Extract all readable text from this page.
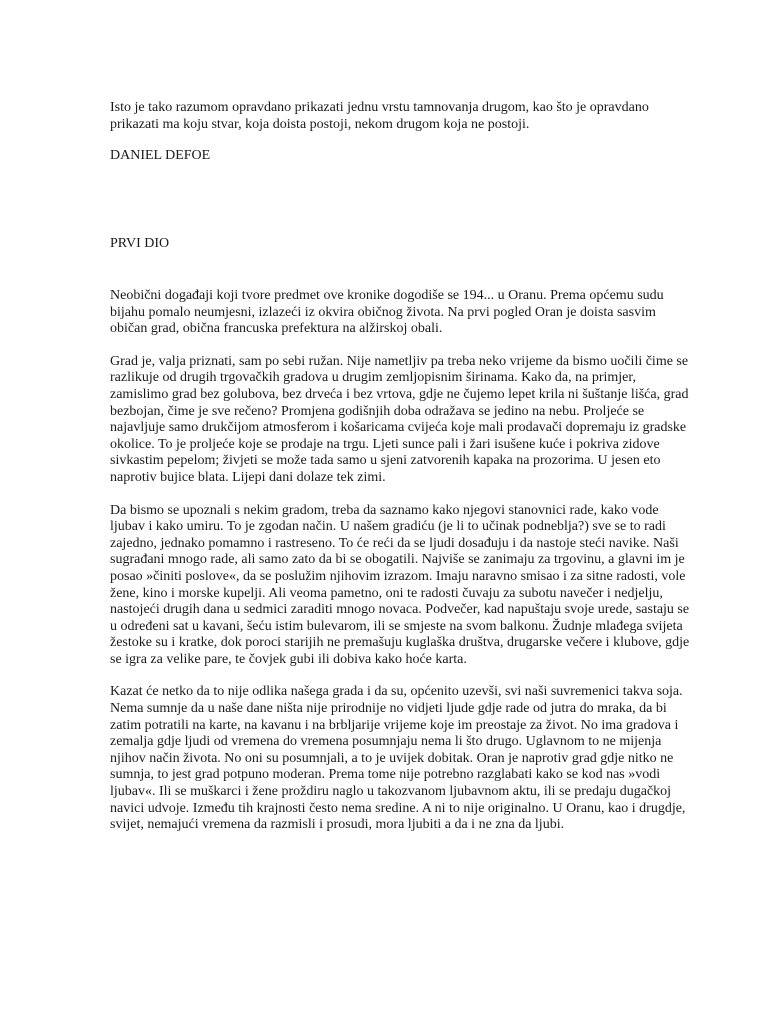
Isto je tako razumom opravdano prikazati jednu vrstu tamnovanja drugom, kao što je opravdano prikazati ma koju stvar, koja doista postoji, nekom drugom koja ne postoji.

DANIEL DEFOE

PRVI DIO

Neobični događaji koji tvore predmet ove kronike dogodiše se 194... u Oranu. Prema općemu sudu bijahu pomalo neumjesni, izlazeći iz okvira običnog života. Na prvi pogled Oran je doista sasvim običan grad, obična francuska prefektura na alžirskoj obali.

Grad je, valja priznati, sam po sebi ružan. Nije nametljiv pa treba neko vrijeme da bismo uočili čime se razlikuje od drugih trgovačkih gradova u drugim zemljopisnim širinama. Kako da, na primjer, zamislimo grad bez golubova, bez drveća i bez vrtova, gdje ne čujemo lepet krila ni šuštanje lišća, grad bezbojan, čime je sve rečeno? Promjena godišnjih doba odražava se jedino na nebu. Proljeće se najavljuje samo drukčijom atmosferom i košaricama cvijeća koje mali prodavači dopremaju iz gradske okolice. To je proljeće koje se prodaje na trgu. Ljeti sunce pali i žari isušene kuće i pokriva zidove sivkastim pepelom; živjeti se može tada samo u sjeni zatvorenih kapaka na prozorima. U jesen eto naprotiv bujice blata. Lijepi dani dolaze tek zimi.

Da bismo se upoznali s nekim gradom, treba da saznamo kako njegovi stanovnici rade, kako vode ljubav i kako umiru. To je zgodan način. U našem gradiću (je li to učinak podneblja?) sve se to radi zajedno, jednako pomamno i rastreseno. To će reći da se ljudi dosađuju i da nastoje steći navike. Naši sugrađani mnogo rade, ali samo zato da bi se obogatili. Najviše se zanimaju za trgovinu, a glavni im je posao »činiti poslove«, da se poslužim njihovim izrazom. Imaju naravno smisao i za sitne radosti, vole žene, kino i morske kupelji. Ali veoma pametno, oni te radosti čuvaju za subotu navečer i nedjelju, nastojeći drugih dana u sedmici zaraditi mnogo novaca. Podvečer, kad napuštaju svoje urede, sastaju se u određeni sat u kavani, šeću istim bulevarom, ili se smjeste na svom balkonu. Žudnje mlađega svijeta žestoke su i kratke, dok poroci starijih ne premašuju kuglaška društva, drugarske večere i klubove, gdje se igra za velike pare, te čovjek gubi ili dobiva kako hoće karta.

Kazat će netko da to nije odlika našega grada i da su, općenito uzevši, svi naši suvremenici takva soja. Nema sumnje da u naše dane ništa nije prirodnije no vidjeti ljude gdje rade od jutra do mraka, da bi zatim potratili na karte, na kavanu i na brbljarije vrijeme koje im preostaje za život. No ima gradova i zemalja gdje ljudi od vremena do vremena posumnjaju nema li što drugo. Uglavnom to ne mijenja njihov način života. No oni su posumnjali, a to je uvijek dobitak. Oran je naprotiv grad gdje nitko ne sumnja, to jest grad potpuno moderan. Prema tome nije potrebno razglabati kako se kod nas »vodi ljubav«. Ili se muškarci i žene proždiru naglo u takozvanom ljubavnom aktu, ili se predaju dugačkoj navici udvoje. Između tih krajnosti često nema sredine. A ni to nije originalno. U Oranu, kao i drugdje, svijet, nemajući vremena da razmisli i prosudi, mora ljubiti a da i ne zna da ljubi.
